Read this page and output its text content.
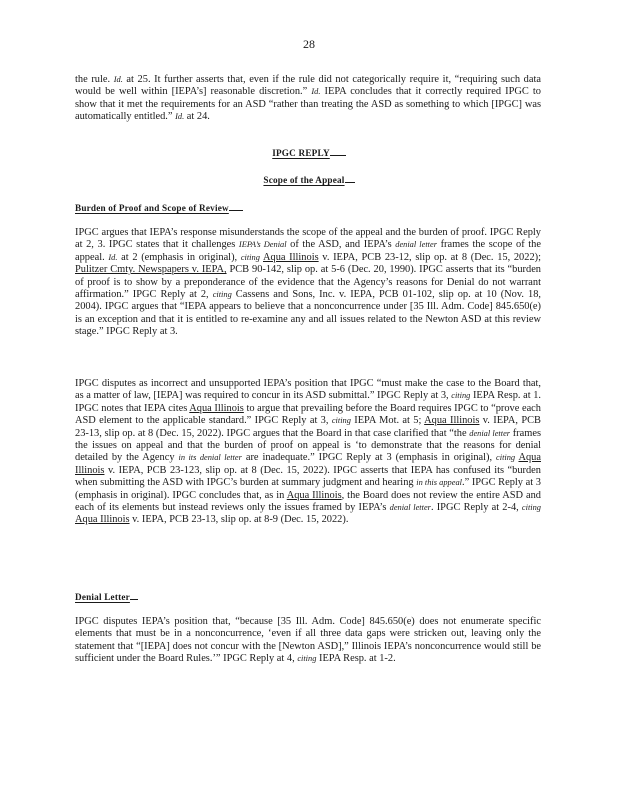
28

the rule. Id. at 25. It further asserts that, even if the rule did not categorically require it, “requiring such data would be well within [IEPA’s] reasonable discretion.” Id. IEPA concludes that it correctly required IPGC to show that it met the requirements for an ASD “rather than treating the ASD as something to which [IPGC] was automatically entitled.” Id. at 24.

IPGC REPLY
Scope of the Appeal
Burden of Proof and Scope of Review

IPGC argues that IEPA’s response misunderstands the scope of the appeal and the burden of proof. IPGC Reply at 2, 3. IPGC states that it challenges IEPA’s Denial of the ASD, and IEPA’s denial letter frames the scope of the appeal. Id. at 2 (emphasis in original), citing Aqua Illinois v. IEPA, PCB 23-12, slip op. at 8 (Dec. 15, 2022); Pulitzer Cmty. Newspapers v. IEPA, PCB 90-142, slip op. at 5-6 (Dec. 20, 1990). IPGC asserts that its “burden of proof is to show by a preponderance of the evidence that the Agency’s reasons for Denial do not warrant affirmation.” IPGC Reply at 2, citing Cassens and Sons, Inc. v. IEPA, PCB 01-102, slip op. at 10 (Nov. 18, 2004). IPGC argues that “IEPA appears to believe that a nonconcurrence under [35 Ill. Adm. Code] 845.650(e) is an exception and that it is entitled to re-examine any and all issues related to the Newton ASD at this review stage.” IPGC Reply at 3.

IPGC disputes as incorrect and unsupported IEPA’s position that IPGC “must make the case to the Board that, as a matter of law, [IEPA] was required to concur in its ASD submittal.” IPGC Reply at 3, citing IEPA Resp. at 1. IPGC notes that IEPA cites Aqua Illinois to argue that prevailing before the Board requires IPGC to “prove each ASD element to the applicable standard.” IPGC Reply at 3, citing IEPA Mot. at 5; Aqua Illinois v. IEPA, PCB 23-13, slip op. at 8 (Dec. 15, 2022). IPGC argues that the Board in that case clarified that “the denial letter frames the issues on appeal and that the burden of proof on appeal is ‘to demonstrate that the reasons for denial detailed by the Agency in its denial letter are inadequate.” IPGC Reply at 3 (emphasis in original), citing Aqua Illinois v. IEPA, PCB 23-123, slip op. at 8 (Dec. 15, 2022). IPGC asserts that IEPA has confused its “burden when submitting the ASD with IPGC’s burden at summary judgment and hearing in this appeal.” IPGC Reply at 3 (emphasis in original). IPGC concludes that, as in Aqua Illinois, the Board does not review the entire ASD and each of its elements but instead reviews only the issues framed by IEPA’s denial letter. IPGC Reply at 2-4, citing Aqua Illinois v. IEPA, PCB 23-13, slip op. at 8-9 (Dec. 15, 2022).

Denial Letter

IPGC disputes IEPA’s position that, “because [35 Ill. Adm. Code] 845.650(e) does not enumerate specific elements that must be in a nonconcurrence, ‘even if all three data gaps were stricken out, leaving only the statement that “[IEPA] does not concur with the [Newton ASD],” Illinois IEPA’s nonconcurrence would still be sufficient under the Board Rules.’” IPGC Reply at 4, citing IEPA Resp. at 1-2.
